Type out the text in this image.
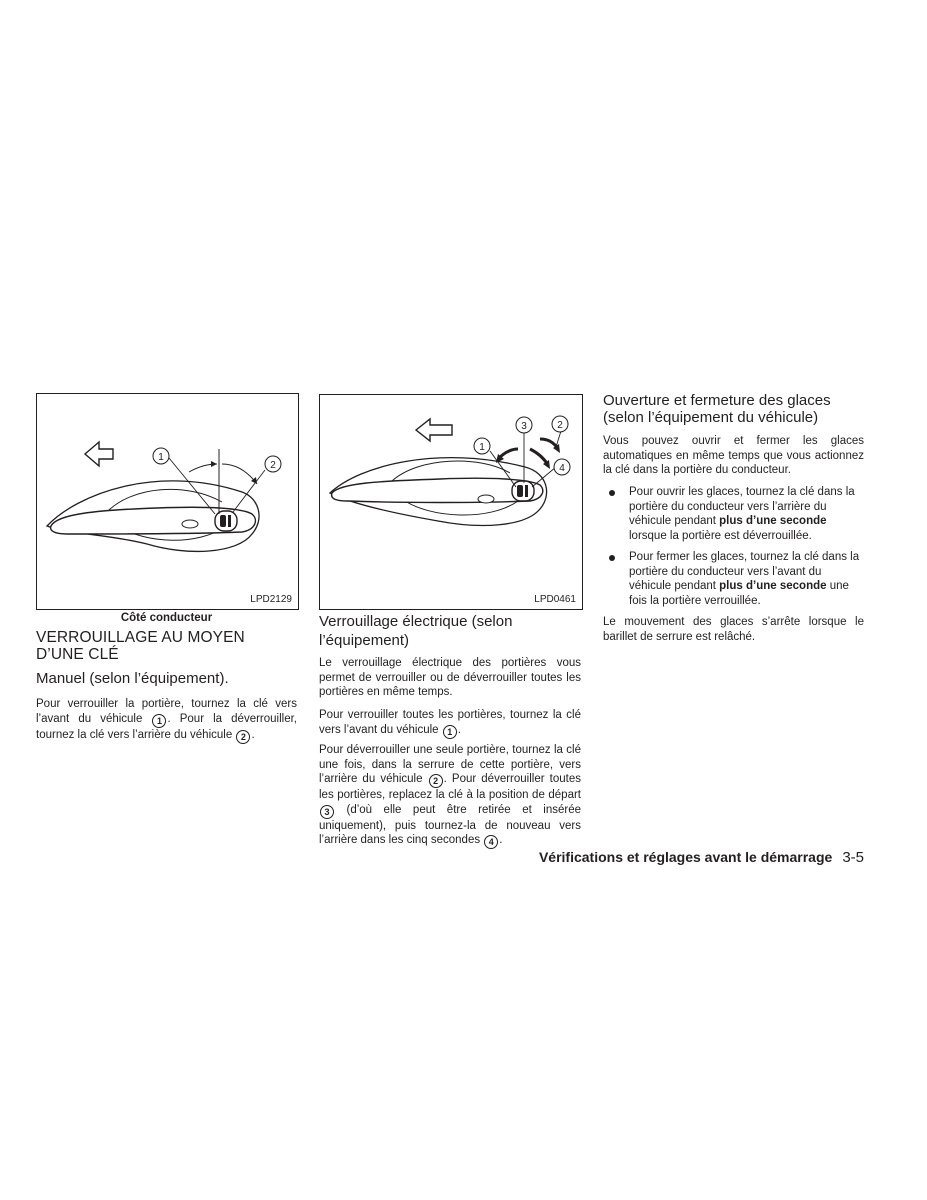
1
2
LPD2129
Côté conducteur
VERROUILLAGE AU MOYEN D’UNE CLÉ
Manuel (selon l’équipement).

Pour verrouiller la portière, tournez la clé vers l’avant du véhicule 1 . Pour la déverrouiller, tournez la clé vers l’arrière du véhicule 2 .

1
2
3
4
LPD0461
Verrouillage électrique (selon l’équipement)

Le verrouillage électrique des portières vous permet de verrouiller ou de déverrouiller toutes les portières en même temps.

Pour verrouiller toutes les portières, tournez la clé vers l’avant du véhicule 1 .

Pour déverrouiller une seule portière, tournez la clé une fois, dans la serrure de cette portière, vers l’arrière du véhicule 2 . Pour déverrouiller toutes les portières, replacez la clé à la position de départ 3 (d’où elle peut être retirée et insérée uniquement), puis tournez-la de nouveau vers l’arrière dans les cinq secondes 4 .

Ouverture et fermeture des glaces
(selon l’équipement du véhicule)

Vous pouvez ouvrir et fermer les glaces automatiques en même temps que vous actionnez la clé dans la portière du conducteur.

Pour ouvrir les glaces, tournez la clé dans la portière du conducteur vers l’arrière du véhicule pendant plus d’une seconde lorsque la portière est déverrouillée.
Pour fermer les glaces, tournez la clé dans la portière du conducteur vers l’avant du véhicule pendant plus d’une seconde une fois la portière verrouillée.

Le mouvement des glaces s’arrête lorsque le barillet de serrure est relâché.

Vérifications et réglages avant le démarrage 3-5
